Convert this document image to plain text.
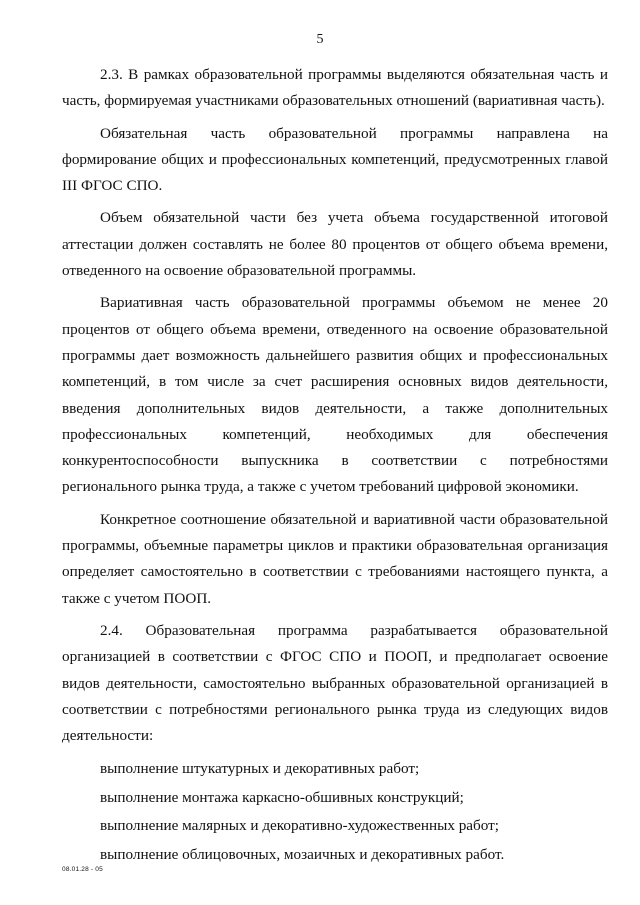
5

2.3. В рамках образовательной программы выделяются обязательная часть и часть, формируемая участниками образовательных отношений (вариативная часть).

Обязательная часть образовательной программы направлена на формирование общих и профессиональных компетенций, предусмотренных главой III ФГОС СПО.

Объем обязательной части без учета объема государственной итоговой аттестации должен составлять не более 80 процентов от общего объема времени, отведенного на освоение образовательной программы.

Вариативная часть образовательной программы объемом не менее 20 процентов от общего объема времени, отведенного на освоение образовательной программы дает возможность дальнейшего развития общих и профессиональных компетенций, в том числе за счет расширения основных видов деятельности, введения дополнительных видов деятельности, а также дополнительных профессиональных компетенций, необходимых для обеспечения конкурентоспособности выпускника в соответствии с потребностями регионального рынка труда, а также с учетом требований цифровой экономики.

Конкретное соотношение обязательной и вариативной части образовательной программы, объемные параметры циклов и практики образовательная организация определяет самостоятельно в соответствии с требованиями настоящего пункта, а также с учетом ПООП.

2.4. Образовательная программа разрабатывается образовательной организацией в соответствии с ФГОС СПО и ПООП, и предполагает освоение видов деятельности, самостоятельно выбранных образовательной организацией в соответствии с потребностями регионального рынка труда из следующих видов деятельности:

выполнение штукатурных и декоративных работ;

выполнение монтажа каркасно-обшивных конструкций;

выполнение малярных и декоративно-художественных работ;

выполнение облицовочных, мозаичных и декоративных работ.

08.01.28 - 05
